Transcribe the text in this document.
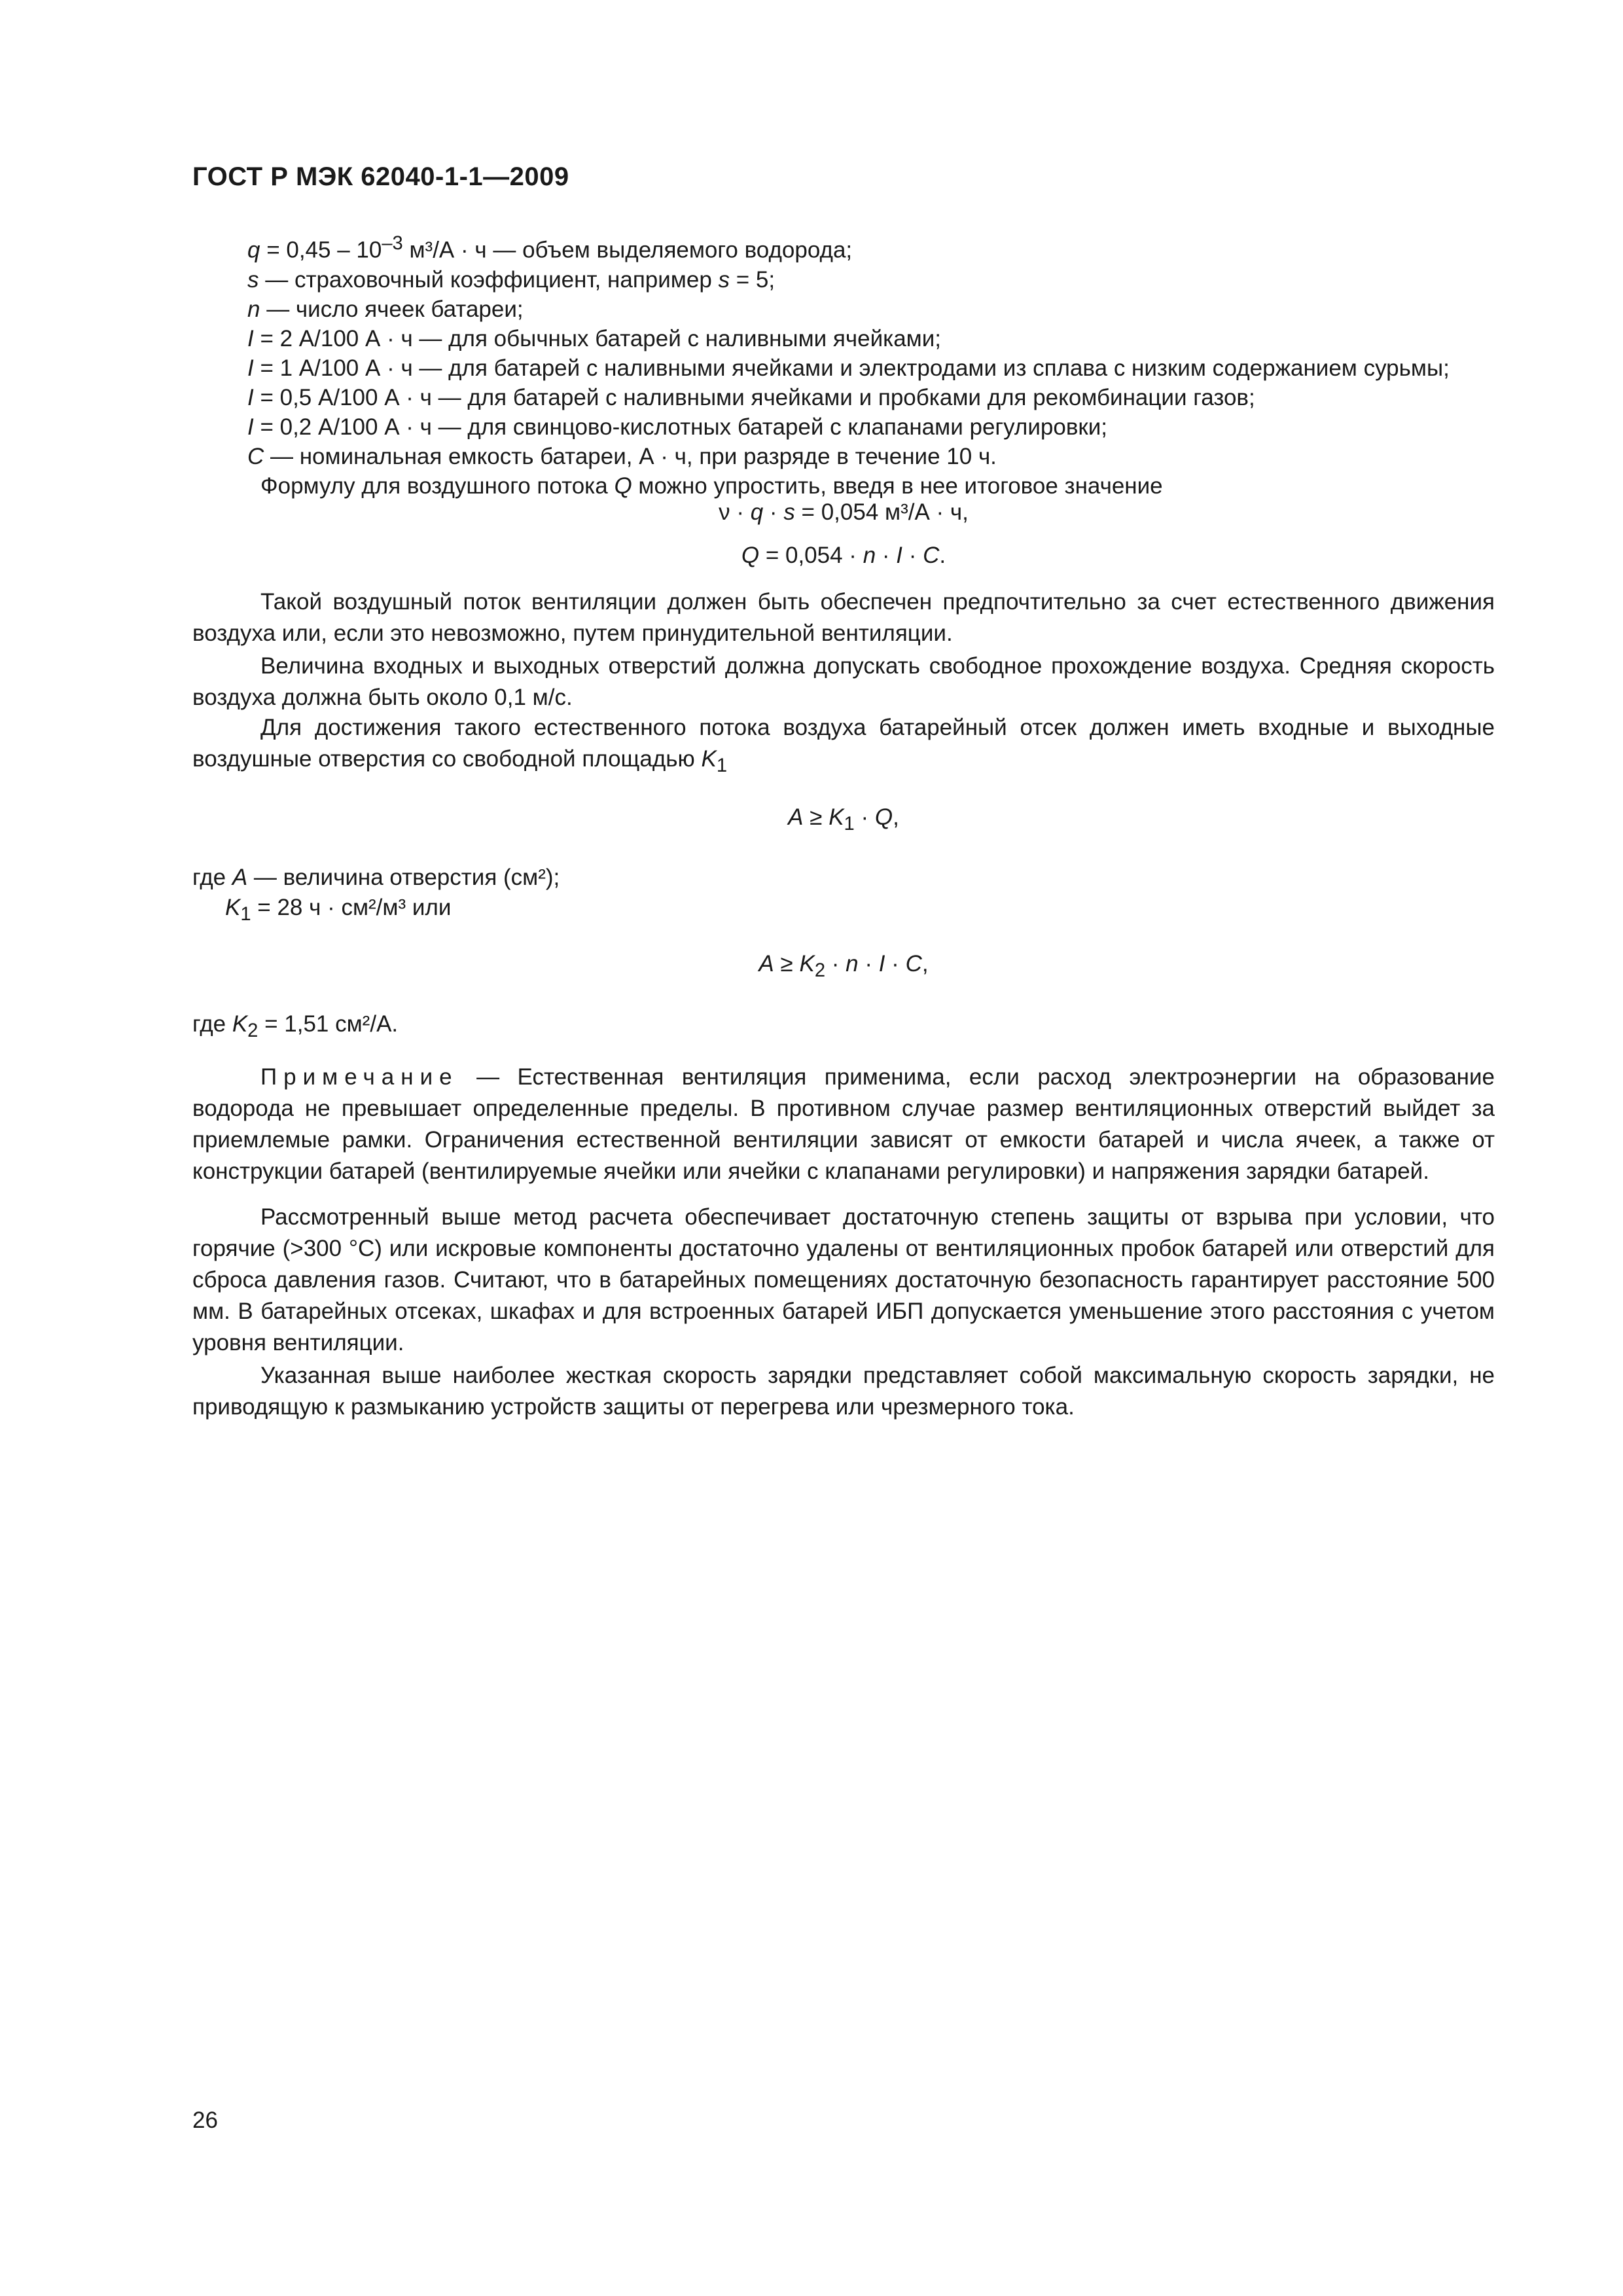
ГОСТ Р МЭК 62040-1-1—2009
$q = 0,45 - 10^{-3}$ м³/А · ч — объем выделяемого водорода;
s — страховочный коэффициент, например s = 5;
n — число ячеек батареи;
I = 2 А/100 А · ч — для обычных батарей с наливными ячейками;
I = 1 А/100 А · ч — для батарей с наливными ячейками и электродами из сплава с низким содержанием сурьмы;
I = 0,5 А/100 А · ч — для батарей с наливными ячейками и пробками для рекомбинации газов;
I = 0,2 А/100 А · ч — для свинцово-кислотных батарей с клапанами регулировки;
C — номинальная емкость батареи, А · ч, при разряде в течение 10 ч.
Формулу для воздушного потока Q можно упростить, введя в нее итоговое значение
ν · q · s = 0,054 м³/А · ч,
Q = 0,054 · n · I · C.
Такой воздушный поток вентиляции должен быть обеспечен предпочтительно за счет естественного движения воздуха или, если это невозможно, путем принудительной вентиляции.
Величина входных и выходных отверстий должна допускать свободное прохождение воздуха. Средняя скорость воздуха должна быть около 0,1 м/с.
Для достижения такого естественного потока воздуха батарейный отсек должен иметь входные и выходные воздушные отверстия со свободной площадью $K_1$
$A \ge K_1 \cdot Q$,
где A — величина отверстия (см²);
$K_1 = 28$ ч · см²/м³ или
$A \ge K_2 \cdot n \cdot I \cdot C$,
где $K_2 = 1,51$ см²/А.
Примечание — Естественная вентиляция применима, если расход электроэнергии на образование водорода не превышает определенные пределы. В противном случае размер вентиляционных отверстий выйдет за приемлемые рамки. Ограничения естественной вентиляции зависят от емкости батарей и числа ячеек, а также от конструкции батарей (вентилируемые ячейки или ячейки с клапанами регулировки) и напряжения зарядки батарей.
Рассмотренный выше метод расчета обеспечивает достаточную степень защиты от взрыва при условии, что горячие (>300 °С) или искровые компоненты достаточно удалены от вентиляционных пробок батарей или отверстий для сброса давления газов. Считают, что в батарейных помещениях достаточную безопасность гарантирует расстояние 500 мм. В батарейных отсеках, шкафах и для встроенных батарей ИБП допускается уменьшение этого расстояния с учетом уровня вентиляции.
Указанная выше наиболее жесткая скорость зарядки представляет собой максимальную скорость зарядки, не приводящую к размыканию устройств защиты от перегрева или чрезмерного тока.
26
